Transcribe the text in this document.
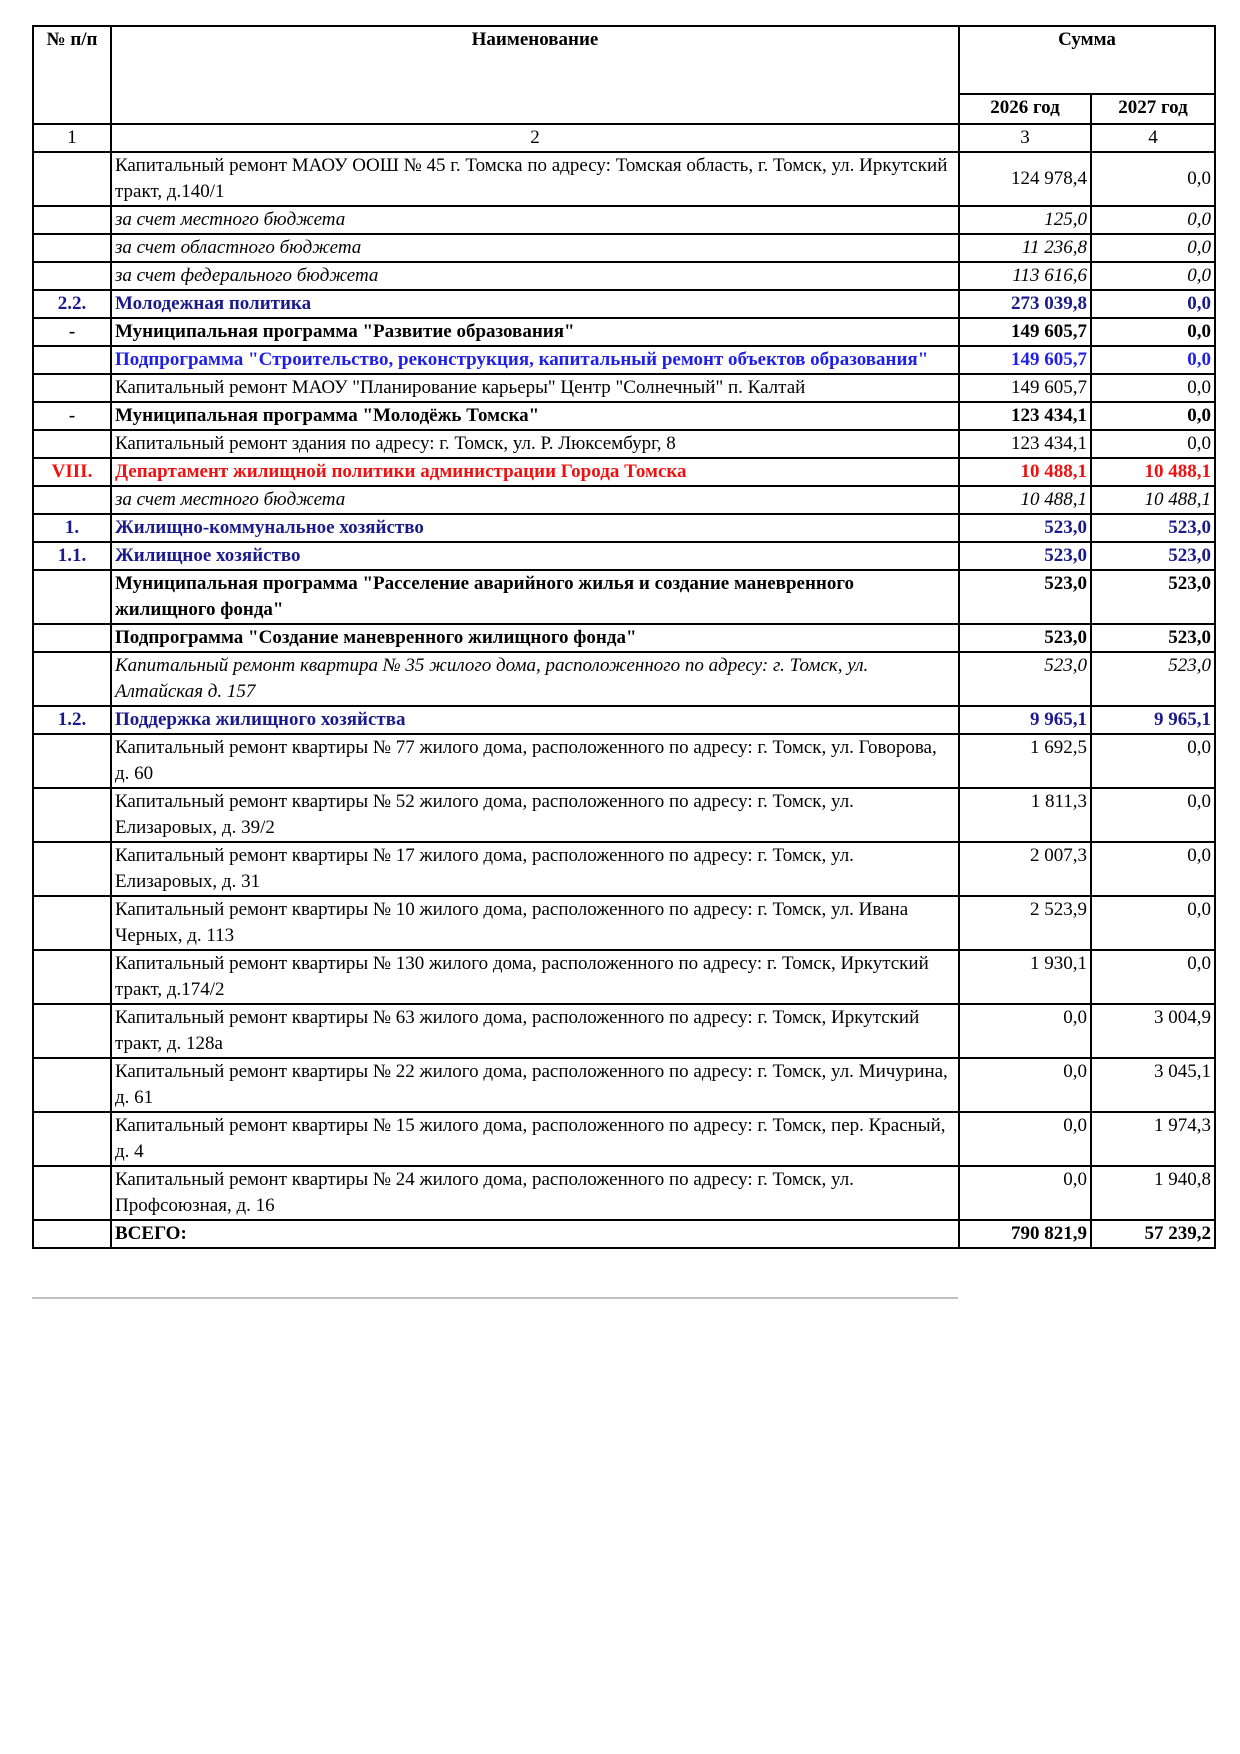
№ п/п	Наименование	Сумма	
		2026 год	2027 год
1	2	3	4
	Капитальный ремонт МАОУ ООШ № 45 г. Томска по адресу: Томская область, г. Томск, ул. Иркутский тракт, д.140/1	124 978,4	0,0
	за счет местного бюджета	125,0	0,0
	за счет областного бюджета	11 236,8	0,0
	за счет федерального бюджета	113 616,6	0,0
2.2.	Молодежная политика	273 039,8	0,0
-	Муниципальная программа "Развитие образования"	149 605,7	0,0
	Подпрограмма "Строительство, реконструкция, капитальный ремонт объектов образования"	149 605,7	0,0
	Капитальный ремонт МАОУ "Планирование карьеры" Центр "Солнечный" п. Калтай	149 605,7	0,0
-	Муниципальная программа "Молодёжь Томска"	123 434,1	0,0
	Капитальный ремонт здания по адресу: г. Томск, ул. Р. Люксембург, 8	123 434,1	0,0
VIII.	Департамент жилищной политики администрации Города Томска	10 488,1	10 488,1
	за счет местного бюджета	10 488,1	10 488,1
1.	Жилищно-коммунальное хозяйство	523,0	523,0
1.1.	Жилищное хозяйство	523,0	523,0
	Муниципальная программа "Расселение аварийного жилья и создание маневренного жилищного фонда"	523,0	523,0
	Подпрограмма "Создание маневренного жилищного фонда"	523,0	523,0
	Капитальный ремонт квартира № 35 жилого дома, расположенного по адресу: г. Томск, ул. Алтайская д. 157	523,0	523,0
1.2.	Поддержка жилищного хозяйства	9 965,1	9 965,1
	Капитальный ремонт квартиры № 77 жилого дома, расположенного по адресу: г. Томск, ул. Говорова, д. 60	1 692,5	0,0
	Капитальный ремонт квартиры № 52 жилого дома, расположенного по адресу: г. Томск, ул. Елизаровых, д. 39/2	1 811,3	0,0
	Капитальный ремонт квартиры № 17 жилого дома, расположенного по адресу: г. Томск, ул. Елизаровых, д. 31	2 007,3	0,0
	Капитальный ремонт квартиры № 10 жилого дома, расположенного по адресу: г. Томск, ул. Ивана Черных, д. 113	2 523,9	0,0
	Капитальный ремонт квартиры № 130 жилого дома, расположенного по адресу: г. Томск, Иркутский тракт, д.174/2	1 930,1	0,0
	Капитальный ремонт квартиры № 63 жилого дома, расположенного по адресу: г. Томск, Иркутский тракт, д. 128а	0,0	3 004,9
	Капитальный ремонт квартиры № 22 жилого дома, расположенного по адресу: г. Томск, ул. Мичурина, д. 61	0,0	3 045,1
	Капитальный ремонт квартиры № 15 жилого дома, расположенного по адресу: г. Томск, пер. Красный, д. 4	0,0	1 974,3
	Капитальный ремонт квартиры № 24 жилого дома, расположенного по адресу: г. Томск, ул. Профсоюзная, д. 16	0,0	1 940,8
	ВСЕГО:	790 821,9	57 239,2
